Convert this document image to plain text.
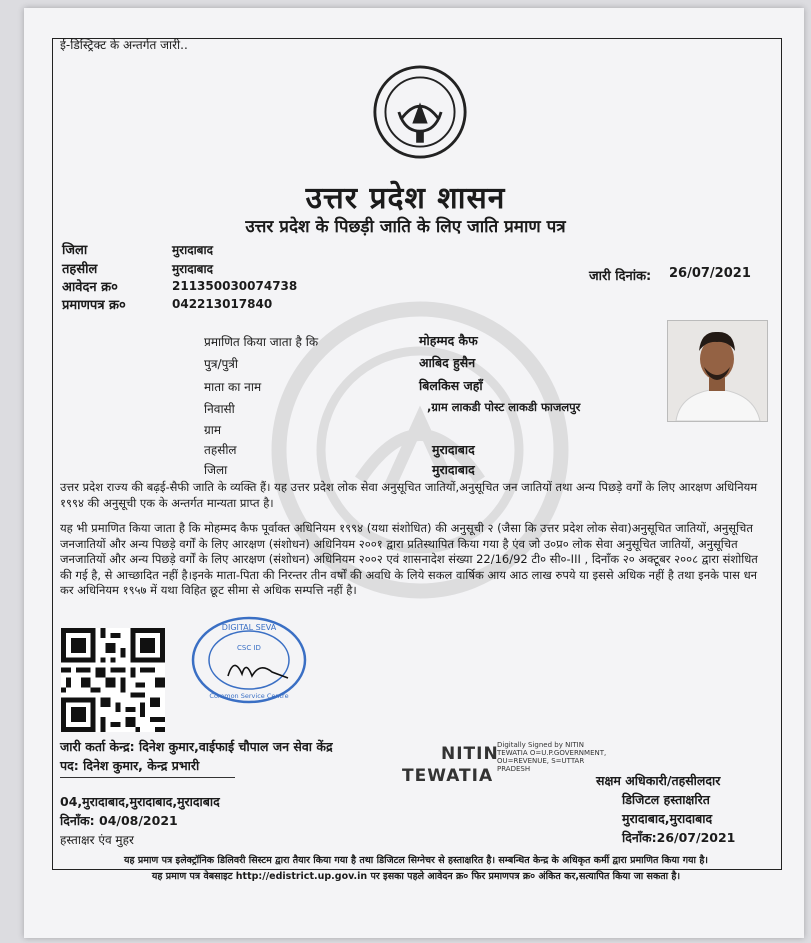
ई-डिस्ट्रिक्ट के अन्तर्गत जारी..
उत्तर प्रदेश शासन
उत्तर प्रदेश के पिछड़ी जाति के लिए जाति प्रमाण पत्र
जिला	मुरादाबाद
तहसील	मुरादाबाद
आवेदन क्र०	211350030074738
प्रमाणपत्र क्र०	042213017840
जारी दिनांक: 26/07/2021
प्रमाणित किया जाता है कि	मोहम्मद कैफ
पुत्र/पुत्री	आबिद हुसैन
माता का नाम	बिलकिस जहाँ
निवासी	,ग्राम लाकडी पोस्ट लाकडी फाजलपुर
ग्राम
तहसील	मुरादाबाद
जिला	मुरादाबाद
उत्तर प्रदेश राज्य की बढ़ई-सैफी जाति के व्यक्ति हैं। यह उत्तर प्रदेश लोक सेवा अनुसूचित जातियों,अनुसूचित जन जातियों तथा अन्य पिछड़े वर्गों के लिए आरक्षण अधिनियम १९९४ की अनुसूची एक के अन्तर्गत मान्यता प्राप्त है।
यह भी प्रमाणित किया जाता है कि मोहम्मद कैफ पूर्वाक्त अधिनियम १९९४ (यथा संशोधित) की अनुसूची २ (जैसा कि उत्तर प्रदेश लोक सेवा)अनुसूचित जातियों, अनुसूचित जनजातियों और अन्य पिछड़े वर्गों के लिए आरक्षण (संशोधन) अधिनियम २००१ द्वारा प्रतिस्थापित किया गया है एंव जो उ०प्र० लोक सेवा अनुसूचित जातियों, अनुसूचित जनजातियों और अन्य पिछड़े वर्गों के लिए आरक्षण (संशोधन) अधिनियम २००२ एवं शासनादेश संख्या 22/16/92 टी० सी०-III , दिनाँक २० अक्टूबर २००८ द्वारा संशोधित की गई है, से आच्छादित नहीं है।इनके माता-पिता की निरन्तर तीन वर्षों की अवधि के लिये सकल वार्षिक आय आठ लाख रुपये या इससे अधिक नहीं है तथा इनके पास धन कर अधिनियम १९५७ में यथा विहित छूट सीमा से अधिक सम्पत्ति नहीं है।
DIGITAL SEVA
CSC ID
Common Service Centre
जारी कर्ता केन्द्र: दिनेश कुमार,वाईफाई चौपाल जन सेवा केंद्र
पद: दिनेश कुमार, केन्द्र प्रभारी
04,मुरादाबाद,मुरादाबाद,मुरादाबाद
दिनाँक: 04/08/2021
हस्ताक्षर एंव मुहर
NITIN
TEWATIA
Digitally Signed by NITIN TEWATIA O=U.P.GOVERNMENT, OU=REVENUE, S=UTTAR PRADESH
सक्षम अधिकारी/तहसीलदार
डिजिटल हस्ताक्षरित
मुरादाबाद,मुरादाबाद
दिनाँक:26/07/2021
यह प्रमाण पत्र इलेक्ट्रॉनिक डिलिवरी सिस्टम द्वारा तैयार किया गया है तथा डिजिटल सिग्नेचर से हस्ताक्षरित है। सम्बन्धित केन्द्र के अधिकृत कर्मी द्वारा प्रमाणित किया गया है।
यह प्रमाण पत्र वेबसाइट http://edistrict.up.gov.in पर इसका पहले आवेदन क्र० फिर प्रमाणपत्र क्र० अंकित कर,सत्यापित किया जा सकता है।
